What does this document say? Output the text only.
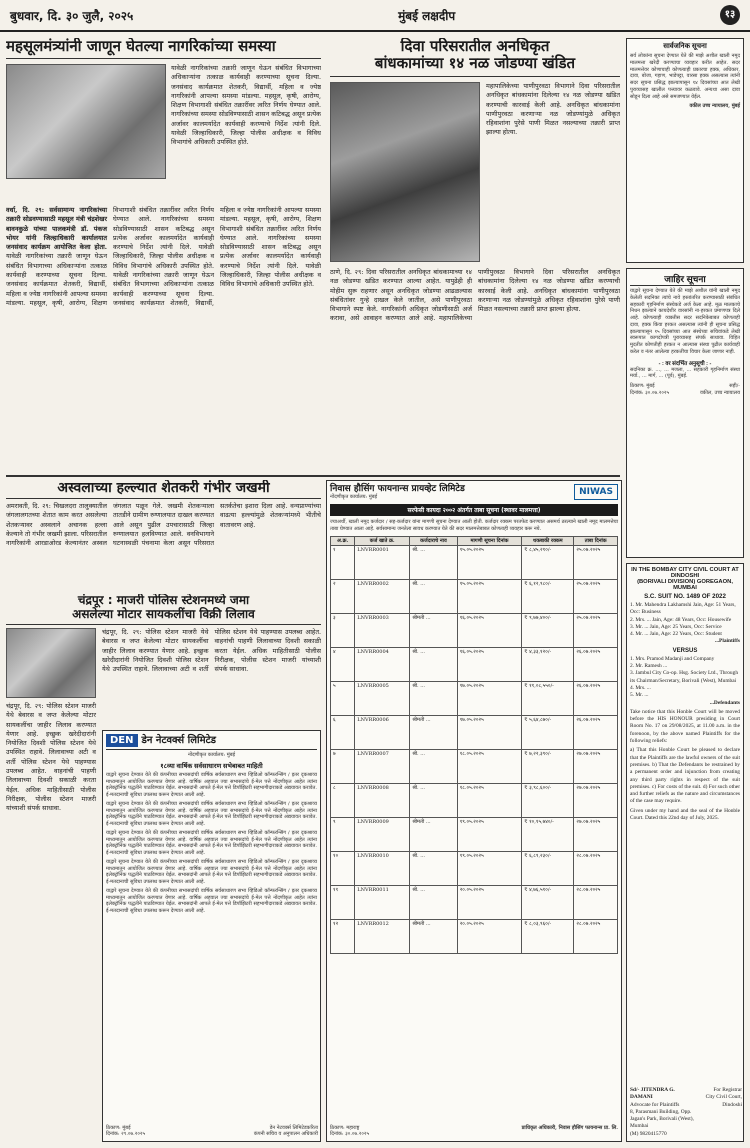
बुधवार, दि. ३० जुलै, २०२५	मुंबई लक्षदीप	१३
महसूलमंत्र्यांनी जाणून घेतल्या नागरिकांच्या समस्या
यावेळी नागरिकांच्या तक्रारी जाणून घेऊन संबंधित विभागाच्या अधिकाऱ्यांना तत्काळ कार्यवाही करण्याच्या सूचना दिल्या. जनसंवाद कार्यक्रमात शेतकरी, विद्यार्थी, महिला व ज्येष्ठ नागरिकांनी आपल्या समस्या मांडल्या. महसूल, कृषी, आरोग्य, शिक्षण विभागाशी संबंधित तक्रारींवर त्वरित निर्णय घेण्यात आले. नागरिकांच्या समस्या सोडविण्यासाठी शासन कटिबद्ध असून प्रत्येक अर्जावर कालमर्यादेत कार्यवाही करण्याचे निर्देश त्यांनी दिले. यावेळी जिल्हाधिकारी, जिल्हा पोलीस अधीक्षक व विविध विभागांचे अधिकारी उपस्थित होते.
वर्धा, दि. २९: सर्वसामान्य नागरिकांच्या तक्रारी सोडवण्यासाठी महसूल मंत्री चंद्रशेखर बावनकुळे यांच्या पालकमंत्री डॉ. पंकज भोयर यांनी जिल्हाधिकारी कार्यालयात जनसंवाद कार्यक्रम आयोजित केला होता. यावेळी नागरिकांच्या तक्रारी जाणून घेऊन संबंधित विभागाच्या अधिकाऱ्यांना तत्काळ कार्यवाही करण्याच्या सूचना दिल्या. जनसंवाद कार्यक्रमात शेतकरी, विद्यार्थी, महिला व ज्येष्ठ नागरिकांनी आपल्या समस्या मांडल्या. महसूल, कृषी, आरोग्य, शिक्षण विभागाशी संबंधित तक्रारींवर त्वरित निर्णय घेण्यात आले. नागरिकांच्या समस्या सोडविण्यासाठी शासन कटिबद्ध असून प्रत्येक अर्जावर कालमर्यादेत कार्यवाही करण्याचे निर्देश त्यांनी दिले. यावेळी जिल्हाधिकारी, जिल्हा पोलीस अधीक्षक व विविध विभागांचे अधिकारी उपस्थित होते. यावेळी नागरिकांच्या तक्रारी जाणून घेऊन संबंधित विभागाच्या अधिकाऱ्यांना तत्काळ कार्यवाही करण्याच्या सूचना दिल्या. जनसंवाद कार्यक्रमात शेतकरी, विद्यार्थी, महिला व ज्येष्ठ नागरिकांनी आपल्या समस्या मांडल्या. महसूल, कृषी, आरोग्य, शिक्षण विभागाशी संबंधित तक्रारींवर त्वरित निर्णय घेण्यात आले. नागरिकांच्या समस्या सोडविण्यासाठी शासन कटिबद्ध असून प्रत्येक अर्जावर कालमर्यादेत कार्यवाही करण्याचे निर्देश त्यांनी दिले. यावेळी जिल्हाधिकारी, जिल्हा पोलीस अधीक्षक व विविध विभागांचे अधिकारी उपस्थित होते.
दिवा परिसरातील अनधिकृत
बांधकामांच्या १४ नळ जोडण्या खंडित
महापालिकेच्या पाणीपुरवठा विभागाने दिवा परिसरातील अनधिकृत बांधकामांना दिलेल्या १४ नळ जोडण्या खंडित करण्याची कारवाई केली आहे. अनधिकृत बांधकामांना पाणीपुरवठा करणाऱ्या नळ जोडण्यांमुळे अधिकृत रहिवाशांना पुरेसे पाणी मिळत नसल्याच्या तक्रारी प्राप्त झाल्या होत्या.
ठाणे, दि. २९: दिवा परिसरातील अनधिकृत बांधकामाच्या १४ नळ जोडण्या खंडित करण्यात आल्या आहेत. यापुढेही ही मोहीम सुरू राहणार असून अनधिकृत जोडण्या आढळल्यास संबंधितांवर गुन्हे दाखल केले जातील, असे पाणीपुरवठा विभागाने स्पष्ट केले. नागरिकांनी अधिकृत जोडणीसाठी अर्ज करावा, असे आवाहन करण्यात आले आहे. महापालिकेच्या पाणीपुरवठा विभागाने दिवा परिसरातील अनधिकृत बांधकामांना दिलेल्या १४ नळ जोडण्या खंडित करण्याची कारवाई केली आहे. अनधिकृत बांधकामांना पाणीपुरवठा करणाऱ्या नळ जोडण्यांमुळे अधिकृत रहिवाशांना पुरेसे पाणी मिळत नसल्याच्या तक्रारी प्राप्त झाल्या होत्या.
सार्वजनिक सूचना
सर्व लोकांना सूचना देण्यात येते की माझे अशील खाली नमूद मालमत्ता खरेदी करण्याचा व्यवहार करीत आहेत. सदर मालमत्तेवर कोणाचाही कोणत्याही प्रकारचा हक्क, अधिकार, दावा, बोजा, गहाण, भाडेपट्टा, वारसा हक्क असल्यास त्यांनी सदर सूचना प्रसिद्ध झाल्यापासून १४ दिवसांच्या आत लेखी पुराव्यासह खालील पत्त्यावर कळवावे. अन्यथा असा दावा सोडून दिला आहे असे समजण्यात येईल.
वकील उच्च न्यायालय, मुंबई
अस्वलाच्या हल्ल्यात शेतकरी गंभीर जखमी
अमरावती, दि. २९: चिखलदरा तालुक्यातील जंगलालगतच्या शेतात काम करत असलेल्या शेतकऱ्यावर अस्वलाने अचानक हल्ला केल्याने तो गंभीर जखमी झाला. परिसरातील नागरिकांनी आरडाओरड केल्यानंतर अस्वल जंगलात पळून गेले. जखमी शेतकऱ्याला तातडीने ग्रामीण रुग्णालयात दाखल करण्यात आले असून पुढील उपचारासाठी जिल्हा रुग्णालयात हलविण्यात आले. वनविभागाने घटनास्थळी पंचनामा केला असून परिसरात सतर्कतेचा इशारा दिला आहे. वन्यप्राण्यांच्या वाढत्या हल्ल्यांमुळे शेतकऱ्यांमध्ये भीतीचे वातावरण आहे.
चंद्रपूर : माजरी पोलिस स्टेशनमध्ये जमा
असलेल्या मोटार सायकलींचा विक्री लिलाव
चंद्रपूर, दि. २९: पोलिस स्टेशन माजरी येथे बेवारस व जप्त केलेल्या मोटार सायकलींचा जाहीर लिलाव करण्यात येणार आहे. इच्छुक खरेदीदारांनी नियोजित दिवशी पोलिस स्टेशन येथे उपस्थित राहावे. लिलावाच्या अटी व शर्ती पोलिस स्टेशन येथे पाहण्यास उपलब्ध आहेत. वाहनांची पाहणी लिलावाच्या दिवशी सकाळी करता येईल. अधिक माहितीसाठी पोलीस निरीक्षक, पोलीस स्टेशन माजरी यांच्याशी संपर्क साधावा.
चंद्रपूर, दि. २९: पोलिस स्टेशन माजरी येथे बेवारस व जप्त केलेल्या मोटार सायकलींचा जाहीर लिलाव करण्यात येणार आहे. इच्छुक खरेदीदारांनी नियोजित दिवशी पोलिस स्टेशन येथे उपस्थित राहावे. लिलावाच्या अटी व शर्ती पोलिस स्टेशन येथे पाहण्यास उपलब्ध आहेत. वाहनांची पाहणी लिलावाच्या दिवशी सकाळी करता येईल. अधिक माहितीसाठी पोलीस निरीक्षक, पोलीस स्टेशन माजरी यांच्याशी संपर्क साधावा.
DEN डेन नेटवर्क्स लिमिटेड
नोंदणीकृत कार्यालय: मुंबई
१८व्या वार्षिक सर्वसाधारण सभेबाबत माहिती
याद्वारे सूचना देण्यात येते की कंपनीच्या सभासदांची वार्षिक सर्वसाधारण सभा व्हिडिओ कॉन्फरन्सिंग / इतर दृकश्राव्य माध्यमातून आयोजित करण्यात येणार आहे. वार्षिक अहवाल ज्या सभासदांचे ई-मेल पत्ते नोंदणीकृत आहेत त्यांना इलेक्ट्रॉनिक पद्धतीने पाठविण्यात येईल. सभासदांनी आपले ई-मेल पत्ते डिपॉझिटरी सहभागीदाराकडे अद्ययावत करावेत. ई-मतदानाची सुविधा उपलब्ध करून देण्यात आली आहे.
याद्वारे सूचना देण्यात येते की कंपनीच्या सभासदांची वार्षिक सर्वसाधारण सभा व्हिडिओ कॉन्फरन्सिंग / इतर दृकश्राव्य माध्यमातून आयोजित करण्यात येणार आहे. वार्षिक अहवाल ज्या सभासदांचे ई-मेल पत्ते नोंदणीकृत आहेत त्यांना इलेक्ट्रॉनिक पद्धतीने पाठविण्यात येईल. सभासदांनी आपले ई-मेल पत्ते डिपॉझिटरी सहभागीदाराकडे अद्ययावत करावेत. ई-मतदानाची सुविधा उपलब्ध करून देण्यात आली आहे.
याद्वारे सूचना देण्यात येते की कंपनीच्या सभासदांची वार्षिक सर्वसाधारण सभा व्हिडिओ कॉन्फरन्सिंग / इतर दृकश्राव्य माध्यमातून आयोजित करण्यात येणार आहे. वार्षिक अहवाल ज्या सभासदांचे ई-मेल पत्ते नोंदणीकृत आहेत त्यांना इलेक्ट्रॉनिक पद्धतीने पाठविण्यात येईल. सभासदांनी आपले ई-मेल पत्ते डिपॉझिटरी सहभागीदाराकडे अद्ययावत करावेत. ई-मतदानाची सुविधा उपलब्ध करून देण्यात आली आहे.
याद्वारे सूचना देण्यात येते की कंपनीच्या सभासदांची वार्षिक सर्वसाधारण सभा व्हिडिओ कॉन्फरन्सिंग / इतर दृकश्राव्य माध्यमातून आयोजित करण्यात येणार आहे. वार्षिक अहवाल ज्या सभासदांचे ई-मेल पत्ते नोंदणीकृत आहेत त्यांना इलेक्ट्रॉनिक पद्धतीने पाठविण्यात येईल. सभासदांनी आपले ई-मेल पत्ते डिपॉझिटरी सहभागीदाराकडे अद्ययावत करावेत. ई-मतदानाची सुविधा उपलब्ध करून देण्यात आली आहे.
याद्वारे सूचना देण्यात येते की कंपनीच्या सभासदांची वार्षिक सर्वसाधारण सभा व्हिडिओ कॉन्फरन्सिंग / इतर दृकश्राव्य माध्यमातून आयोजित करण्यात येणार आहे. वार्षिक अहवाल ज्या सभासदांचे ई-मेल पत्ते नोंदणीकृत आहेत त्यांना इलेक्ट्रॉनिक पद्धतीने पाठविण्यात येईल. सभासदांनी आपले ई-मेल पत्ते डिपॉझिटरी सहभागीदाराकडे अद्ययावत करावेत. ई-मतदानाची सुविधा उपलब्ध करून देण्यात आली आहे.
ठिकाण: मुंबई
दिनांक: २९.०७.२०२५
डेन नेटवर्क्स लिमिटेडकरिता
कंपनी सचिव व अनुपालन अधिकारी
निवास हौसिंग फायनान्स प्रायव्हेट लिमिटेड
नोंदणीकृत कार्यालय: मुंबई
NIWAS
सरफेसी कायदा २००२ अंतर्गत ताबा सूचना (स्थावर मालमत्ता)
ज्याअर्थी, खाली नमूद कर्जदार / सह-कर्जदार यांना मागणी सूचना देण्यात आली होती. कर्जदार रक्कम परतफेड करण्यात असमर्थ ठरल्याने खाली नमूद मालमत्तेचा ताबा घेण्यात आला आहे. सर्वसामान्य जनतेला सावध करण्यात येते की सदर मालमत्तेबाबत कोणताही व्यवहार करू नये.
अ.क्र.	कर्ज खाते क्र.	कर्जदाराचे नाव	मागणी सूचना दिनांक	थकबाकी रक्कम	ताबा दिनांक
१	LNVRR0001	श्री. ...	१५.०५.२०२५	₹ ८,४५,२१०/-	२५.०७.२०२५
२	LNVRR0002	श्री. ...	१५.०५.२०२५	₹ ६,१२,९८०/-	२५.०७.२०२५
३	LNVRR0003	श्रीमती ...	१६.०५.२०२५	₹ ९,७७,४००/-	२५.०७.२०२५
४	LNVRR0004	श्री. ...	१६.०५.२०२५	₹ ४,३३,१२०/-	२६.०७.२०२५
५	LNVRR0005	श्री. ...	१७.०५.२०२५	₹ ११,०८,५५०/-	२६.०७.२०२५
६	LNVRR0006	श्रीमती ...	१७.०५.२०२५	₹ ५,६४,८७०/-	२६.०७.२०२५
७	LNVRR0007	श्री. ...	१८.०५.२०२५	₹ ७,२२,३९०/-	२७.०७.२०२५
८	LNVRR0008	श्री. ...	१८.०५.२०२५	₹ ३,९८,६००/-	२७.०७.२०२५
९	LNVRR0009	श्रीमती ...	१९.०५.२०२५	₹ १०,१५,७४०/-	२७.०७.२०२५
१०	LNVRR0010	श्री. ...	१९.०५.२०२५	₹ ६,८९,२३०/-	२८.०७.२०२५
११	LNVRR0011	श्री. ...	२०.०५.२०२५	₹ ४,७६,५१०/-	२८.०७.२०२५
१२	LNVRR0012	श्रीमती ...	२०.०५.२०२५	₹ ८,०३,९६०/-	२८.०७.२०२५
ठिकाण: महाराष्ट्र
दिनांक: ३०.०७.२०२५
प्राधिकृत अधिकारी, निवास हौसिंग फायनान्स प्रा. लि.
जाहिर सूचना
याद्वारे सूचना देण्यात येते की माझे अशील यांनी खाली नमूद केलेली सदनिका त्यांचे नावे हस्तांतरित करण्यासाठी संबंधित सहकारी गृहनिर्माण संस्थेकडे अर्ज केला आहे. मूळ मालकाचे निधन झाल्याने कायदेशीर वारसांनी ना-हरकत प्रमाणपत्र दिले आहे. कोणत्याही व्यक्तीस सदर सदनिकेबाबत कोणताही दावा, हक्क किंवा हरकत असल्यास त्यांनी ही सूचना प्रसिद्ध झाल्यापासून १५ दिवसांच्या आत संस्थेच्या सचिवांकडे लेखी स्वरूपात कागदोपत्री पुराव्यासह संपर्क साधावा. विहित मुदतीत कोणतीही हरकत न आल्यास संस्था पुढील कार्यवाही करेल व नंतर आलेल्या हरकतींचा विचार केला जाणार नाही.
- : वर संदर्भित अनुसूची : -
सदनिका क्र. ..., ... मजला, ... सहकारी गृहनिर्माण संस्था मर्या., ... मार्ग, ... (पूर्व), मुंबई.
ठिकाण: मुंबई
दिनांक: ३०.०७.२०२५
सही/-
वकील, उच्च न्यायालय
IN THE BOMBAY CITY CIVIL COURT AT DINDOSHI
(BORIVALI DIVISION) GOREGAON, MUMBAI
S.C. SUIT NO. 1489 OF 2022
1. Mr. Mahendra Lakhamshi Jain, Age: 51 Years, Occ: Business
2. Mrs. ... Jain, Age: 48 Years, Occ: Housewife
3. Mr. ... Jain, Age: 25 Years, Occ: Service
4. Mr. ... Jain, Age: 22 Years, Occ: Student
...Plaintiffs
VERSUS
1. Mrs. Pramod Madanji and Company
2. Mr. Ramesh ...
3. Jambul City Co-op. Hsg. Society Ltd., Through its Chairman/Secretary, Borivali (West), Mumbai
4. Mrs. ...
5. Mr. ...
...Defendants
Take notice that this Honble Court will be moved before the HIS HONOUR presiding in Court Room No. 17 on 29/08/2025, at 11.00 a.m. in the forenoon, by the above named Plaintiffs for the following reliefs:
a) That this Honble Court be pleased to declare that the Plaintiffs are the lawful owners of the suit premises. b) That the Defendants be restrained by a permanent order and injunction from creating any third party rights in respect of the suit premises. c) For costs of the suit. d) For such other and further reliefs as the nature and circumstances of the case may require.
Given under my hand and the seal of the Honble Court. Dated this 22nd day of July, 2025.
Sd/- JITENDRA G. DAMANI
Advocate for Plaintiffs
8, Parasmani Building, Opp. Jagan's Park, Borivali (West), Mumbai
(M) 9820415770
For Registrar
City Civil Court, Dindoshi
